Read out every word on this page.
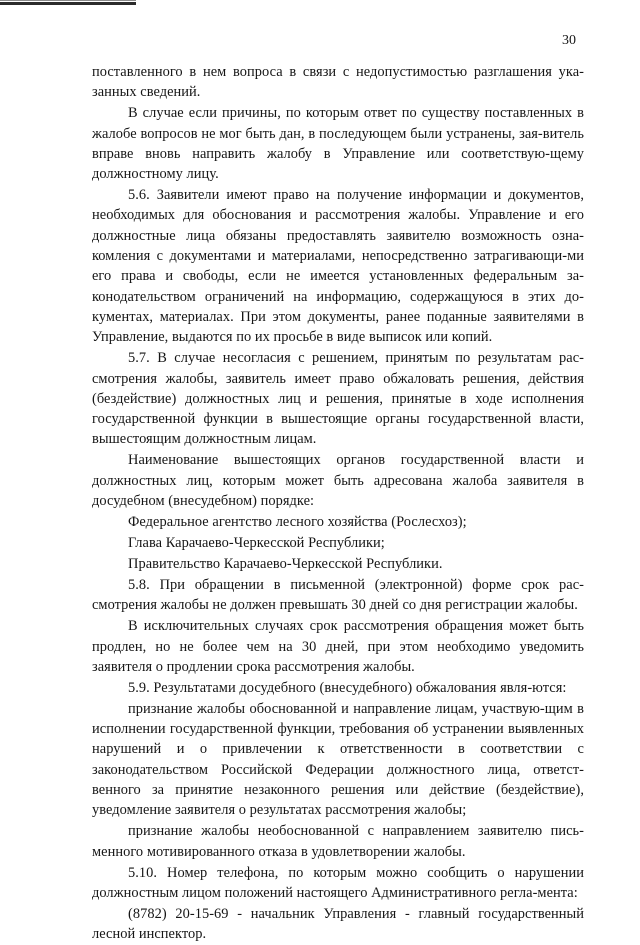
30

поставленного в нем вопроса в связи с недопустимостью разглашения ука-занных сведений.

В случае если причины, по которым ответ по существу поставленных в жалобе вопросов не мог быть дан, в последующем были устранены, зая-витель вправе вновь направить жалобу в Управление или соответствую-щему должностному лицу.

5.6. Заявители имеют право на получение информации и документов, необходимых для обоснования и рассмотрения жалобы. Управление и его должностные лица обязаны предоставлять заявителю возможность озна-комления с документами и материалами, непосредственно затрагивающи-ми его права и свободы, если не имеется установленных федеральным за-конодательством ограничений на информацию, содержащуюся в этих до-кументах, материалах. При этом документы, ранее поданные заявителями в Управление, выдаются по их просьбе в виде выписок или копий.

5.7. В случае несогласия с решением, принятым по результатам рас-смотрения жалобы, заявитель имеет право обжаловать решения, действия (бездействие) должностных лиц и решения, принятые в ходе исполнения государственной функции в вышестоящие органы государственной власти, вышестоящим должностным лицам.

Наименование вышестоящих органов государственной власти и должностных лиц, которым может быть адресована жалоба заявителя в досудебном (внесудебном) порядке:

Федеральное агентство лесного хозяйства (Рослесхоз);

Глава Карачаево-Черкесской Республики;

Правительство Карачаево-Черкесской Республики.

5.8. При обращении в письменной (электронной) форме срок рас-смотрения жалобы не должен превышать 30 дней со дня регистрации жалобы.

В исключительных случаях срок рассмотрения обращения может быть продлен, но не более чем на 30 дней, при этом необходимо уведомить заявителя о продлении срока рассмотрения жалобы.

5.9. Результатами досудебного (внесудебного) обжалования явля-ются:

признание жалобы обоснованной и направление лицам, участвую-щим в исполнении государственной функции, требования об устранении выявленных нарушений и о привлечении к ответственности в соответствии с законодательством Российской Федерации должностного лица, ответст-венного за принятие незаконного решения или действие (бездействие), уведомление заявителя о результатах рассмотрения жалобы;

признание жалобы необоснованной с направлением заявителю пись-менного мотивированного отказа в удовлетворении жалобы.

5.10. Номер телефона, по которым можно сообщить о нарушении должностным лицом положений настоящего Административного регла-мента:

(8782) 20-15-69 - начальник Управления - главный государственный лесной инспектор.
